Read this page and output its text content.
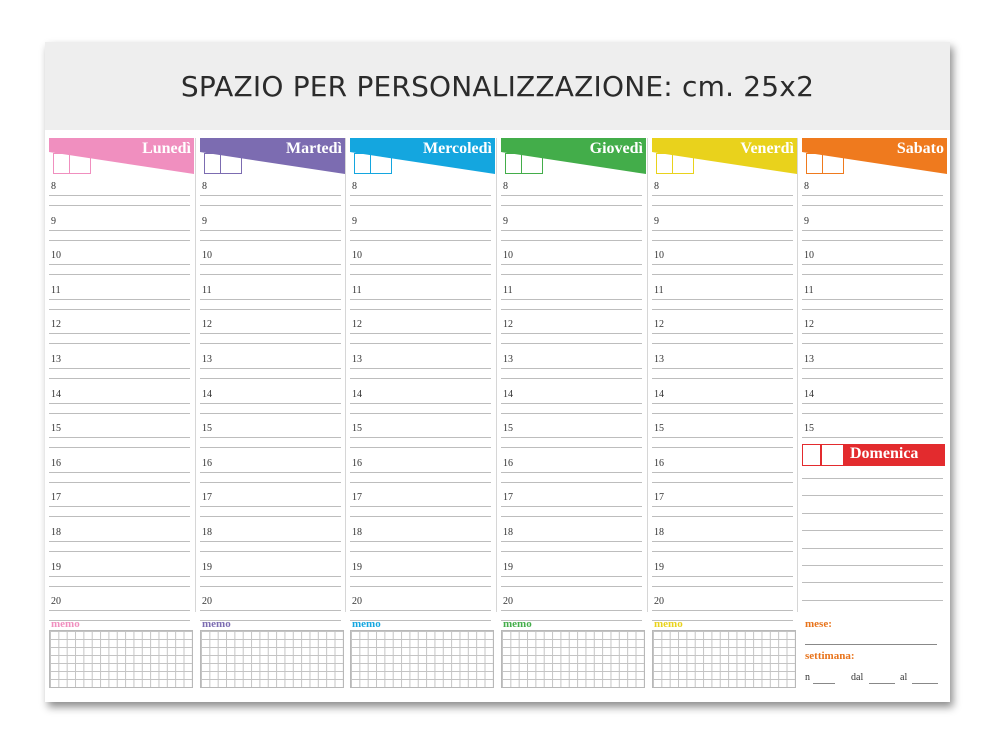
SPAZIO PER PERSONALIZZAZIONE: cm. 25x2
Lunedì
8
9
10
11
12
13
14
15
16
17
18
19
20
memo
Martedì
8
9
10
11
12
13
14
15
16
17
18
19
20
memo
Mercoledì
8
9
10
11
12
13
14
15
16
17
18
19
20
memo
Giovedì
8
9
10
11
12
13
14
15
16
17
18
19
20
memo
Venerdì
8
9
10
11
12
13
14
15
16
17
18
19
20
memo
Sabato
8
9
10
11
12
13
14
15
Domenica
mese:
settimana:
n	dal	al
